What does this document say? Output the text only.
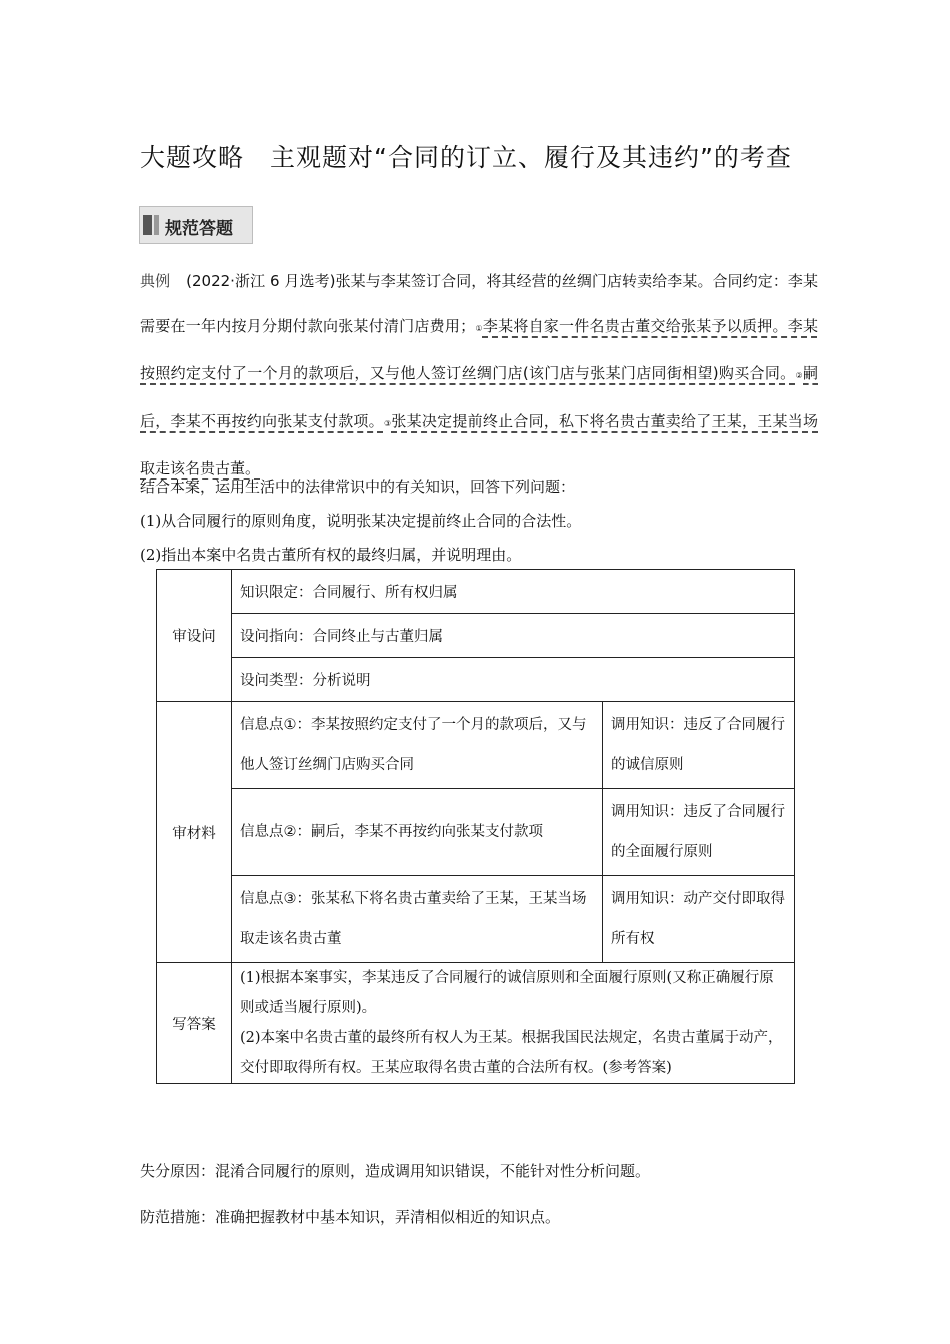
大题攻略　主观题对“合同的订立、履行及其违约”的考查
规范答题
典例 (2022·浙江 6 月选考)张某与李某签订合同，将其经营的丝绸门店转卖给李某。合同约定：李某需要在一年内按月分期付款向张某付清门店费用；①李某将自家一件名贵古董交给张某予以质押。李某按照约定支付了一个月的款项后，又与他人签订丝绸门店(该门店与张某门店同街相望)购买合同。②嗣后，李某不再按约向张某支付款项。③张某决定提前终止合同，私下将名贵古董卖给了王某，王某当场取走该名贵古董。
结合本案，运用生活中的法律常识中的有关知识，回答下列问题：
(1)从合同履行的原则角度，说明张某决定提前终止合同的合法性。
(2)指出本案中名贵古董所有权的最终归属，并说明理由。
审设问	知识限定：合同履行、所有权归属	
	设问指向：合同终止与古董归属	
	设问类型：分析说明	
审材料	信息点①：李某按照约定支付了一个月的款项后，又与他人签订丝绸门店购买合同	调用知识：违反了合同履行的诚信原则
	信息点②：嗣后，李某不再按约向张某支付款项	调用知识：违反了合同履行的全面履行原则
	信息点③：张某私下将名贵古董卖给了王某，王某当场取走该名贵古董	调用知识：动产交付即取得所有权
写答案	(1)根据本案事实，李某违反了合同履行的诚信原则和全面履行原则(又称正确履行原则或适当履行原则)。
(2)本案中名贵古董的最终所有权人为王某。根据我国民法规定，名贵古董属于动产，交付即取得所有权。王某应取得名贵古董的合法所有权。(参考答案)	
失分原因：混淆合同履行的原则，造成调用知识错误，不能针对性分析问题。
防范措施：准确把握教材中基本知识，弄清相似相近的知识点。
